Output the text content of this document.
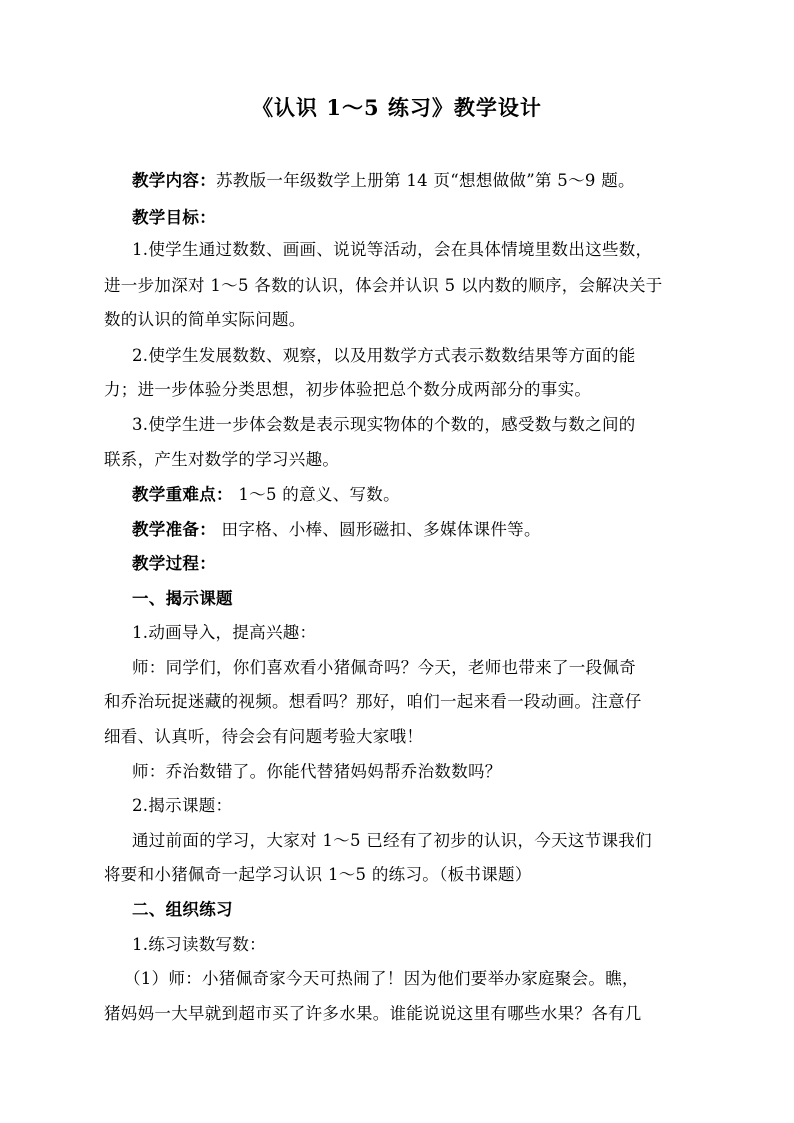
《认识 1～5 练习》教学设计
教学内容：苏教版一年级数学上册第 14 页“想想做做”第 5～9 题。
教学目标：
1.使学生通过数数、画画、说说等活动，会在具体情境里数出这些数，
进一步加深对 1～5 各数的认识，体会并认识 5 以内数的顺序，会解决关于
数的认识的简单实际问题。
2.使学生发展数数、观察，以及用数学方式表示数数结果等方面的能
力；进一步体验分类思想，初步体验把总个数分成两部分的事实。
3.使学生进一步体会数是表示现实物体的个数的，感受数与数之间的
联系，产生对数学的学习兴趣。
教学重难点： 1～5 的意义、写数。
教学准备： 田字格、小棒、圆形磁扣、多媒体课件等。
教学过程：
一、揭示课题
1.动画导入，提高兴趣：
师：同学们，你们喜欢看小猪佩奇吗？今天，老师也带来了一段佩奇
和乔治玩捉迷藏的视频。想看吗？那好，咱们一起来看一段动画。注意仔
细看、认真听，待会会有问题考验大家哦！
师：乔治数错了。你能代替猪妈妈帮乔治数数吗？
2.揭示课题：
通过前面的学习，大家对 1～5 已经有了初步的认识，今天这节课我们
将要和小猪佩奇一起学习认识 1～5 的练习。（板书课题）
二、组织练习
1.练习读数写数：
（1）师：小猪佩奇家今天可热闹了！因为他们要举办家庭聚会。瞧，
猪妈妈一大早就到超市买了许多水果。谁能说说这里有哪些水果？各有几
